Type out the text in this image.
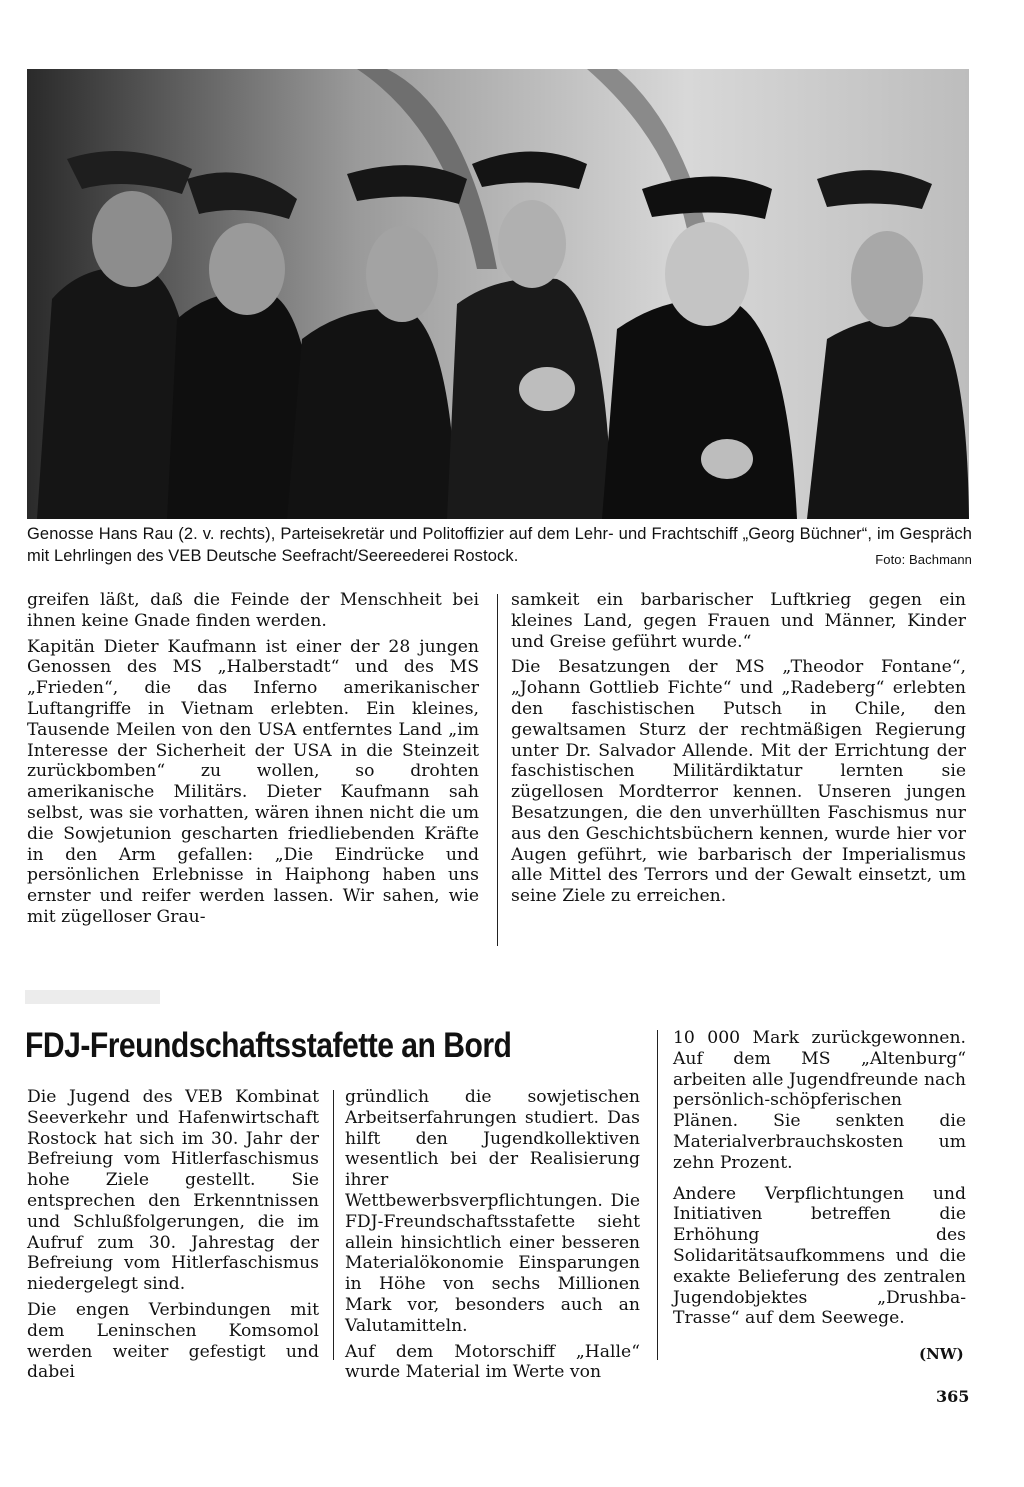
Genosse Hans Rau (2. v. rechts), Parteisekretär und Politoffizier auf dem Lehr- und Frachtschiff „Georg Büchner“, im Gespräch mit Lehrlingen des VEB Deutsche Seefracht/Seereederei Rostock.	Foto: Bachmann

greifen läßt, daß die Feinde der Menschheit bei ihnen keine Gnade finden werden.

Kapitän Dieter Kaufmann ist einer der 28 jungen Genossen des MS „Halberstadt“ und des MS „Frieden“, die das Inferno amerikanischer Luftangriffe in Vietnam erlebten. Ein kleines, Tausende Meilen von den USA entferntes Land „im Interesse der Sicherheit der USA in die Steinzeit zurückbomben“ zu wollen, so drohten amerikanische Militärs. Dieter Kaufmann sah selbst, was sie vorhatten, wären ihnen nicht die um die Sowjetunion gescharten friedliebenden Kräfte in den Arm gefallen: „Die Eindrücke und persönlichen Erlebnisse in Haiphong haben uns ernster und reifer werden lassen. Wir sahen, wie mit zügelloser Grau-

samkeit ein barbarischer Luftkrieg gegen ein kleines Land, gegen Frauen und Männer, Kinder und Greise geführt wurde.“

Die Besatzungen der MS „Theodor Fontane“, „Johann Gottlieb Fichte“ und „Radeberg“ erlebten den faschistischen Putsch in Chile, den gewaltsamen Sturz der rechtmäßigen Regierung unter Dr. Salvador Allende. Mit der Errichtung der faschistischen Militärdiktatur lernten sie zügellosen Mordterror kennen. Unseren jungen Besatzungen, die den unverhüllten Faschismus nur aus den Geschichtsbüchern kennen, wurde hier vor Augen geführt, wie barbarisch der Imperialismus alle Mittel des Terrors und der Gewalt einsetzt, um seine Ziele zu erreichen.

FDJ-Freundschaftsstafette an Bord

Die Jugend des VEB Kombinat Seeverkehr und Hafenwirtschaft Rostock hat sich im 30. Jahr der Befreiung vom Hitlerfaschismus hohe Ziele gestellt. Sie entsprechen den Erkenntnissen und Schlußfolgerungen, die im Aufruf zum 30. Jahrestag der Befreiung vom Hitlerfaschismus niedergelegt sind.

Die engen Verbindungen mit dem Leninschen Komsomol werden weiter gefestigt und dabei

gründlich die sowjetischen Arbeitserfahrungen studiert. Das hilft den Jugendkollektiven wesentlich bei der Realisierung ihrer Wettbewerbsverpflichtungen. Die FDJ-Freundschaftsstafette sieht allein hinsichtlich einer besseren Materialökonomie Einsparungen in Höhe von sechs Millionen Mark vor, besonders auch an Valutamitteln.

Auf dem Motorschiff „Halle“ wurde Material im Werte von

10 000 Mark zurückgewonnen. Auf dem MS „Altenburg“ arbeiten alle Jugendfreunde nach persönlich-schöpferischen Plänen. Sie senkten die Materialverbrauchskosten um zehn Prozent.

Andere Verpflichtungen und Initiativen betreffen die Erhöhung des Solidaritätsaufkommens und die exakte Belieferung des zentralen Jugendobjektes „Drushba-Trasse“ auf dem Seewege.

(NW)
365
